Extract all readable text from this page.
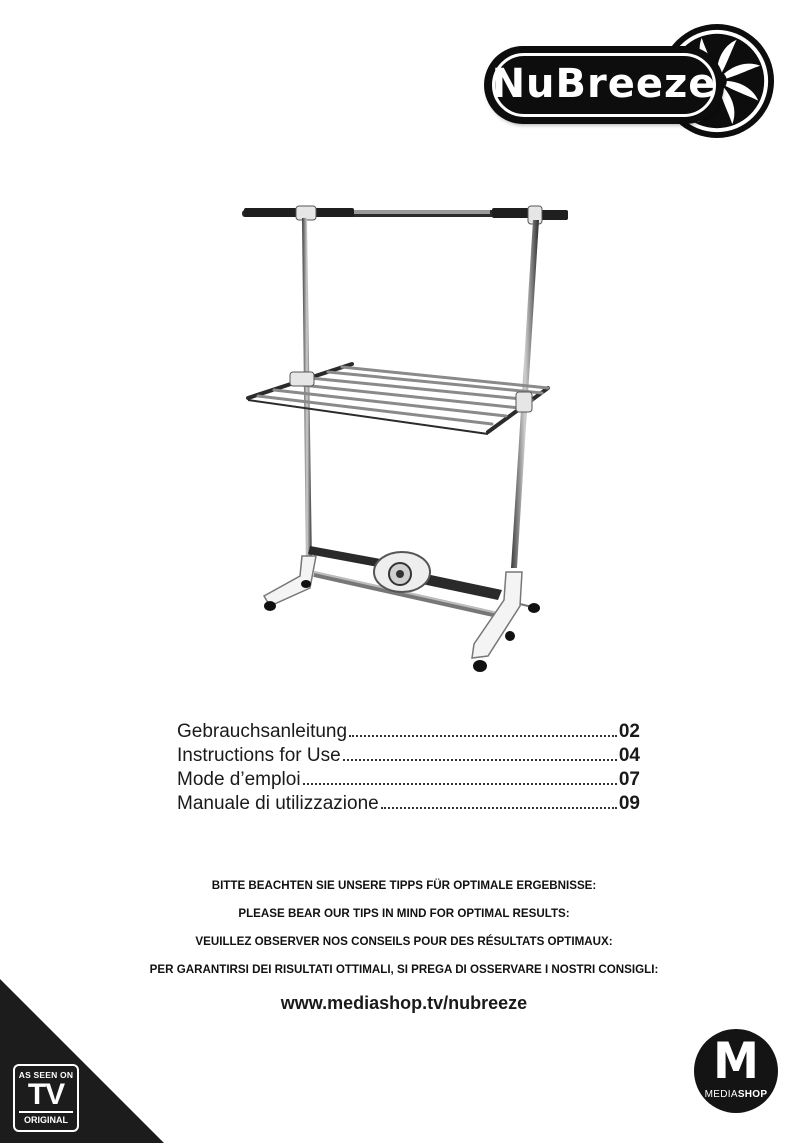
NuBreeze
Gebrauchsanleitung	02
Instructions for Use	04
Mode d’emploi	07
Manuale di utilizzazione	09
BITTE BEACHTEN SIE UNSERE TIPPS FÜR OPTIMALE ERGEBNISSE:
PLEASE BEAR OUR TIPS IN MIND FOR OPTIMAL RESULTS:
VEUILLEZ OBSERVER NOS CONSEILS POUR DES RÉSULTATS OPTIMAUX:
PER GARANTIRSI DEI RISULTATI OTTIMALI, SI PREGA DI OSSERVARE I NOSTRI CONSIGLI:
www.mediashop.tv/nubreeze
AS SEEN ON
TV
ORIGINAL
M
MEDIASHOP
